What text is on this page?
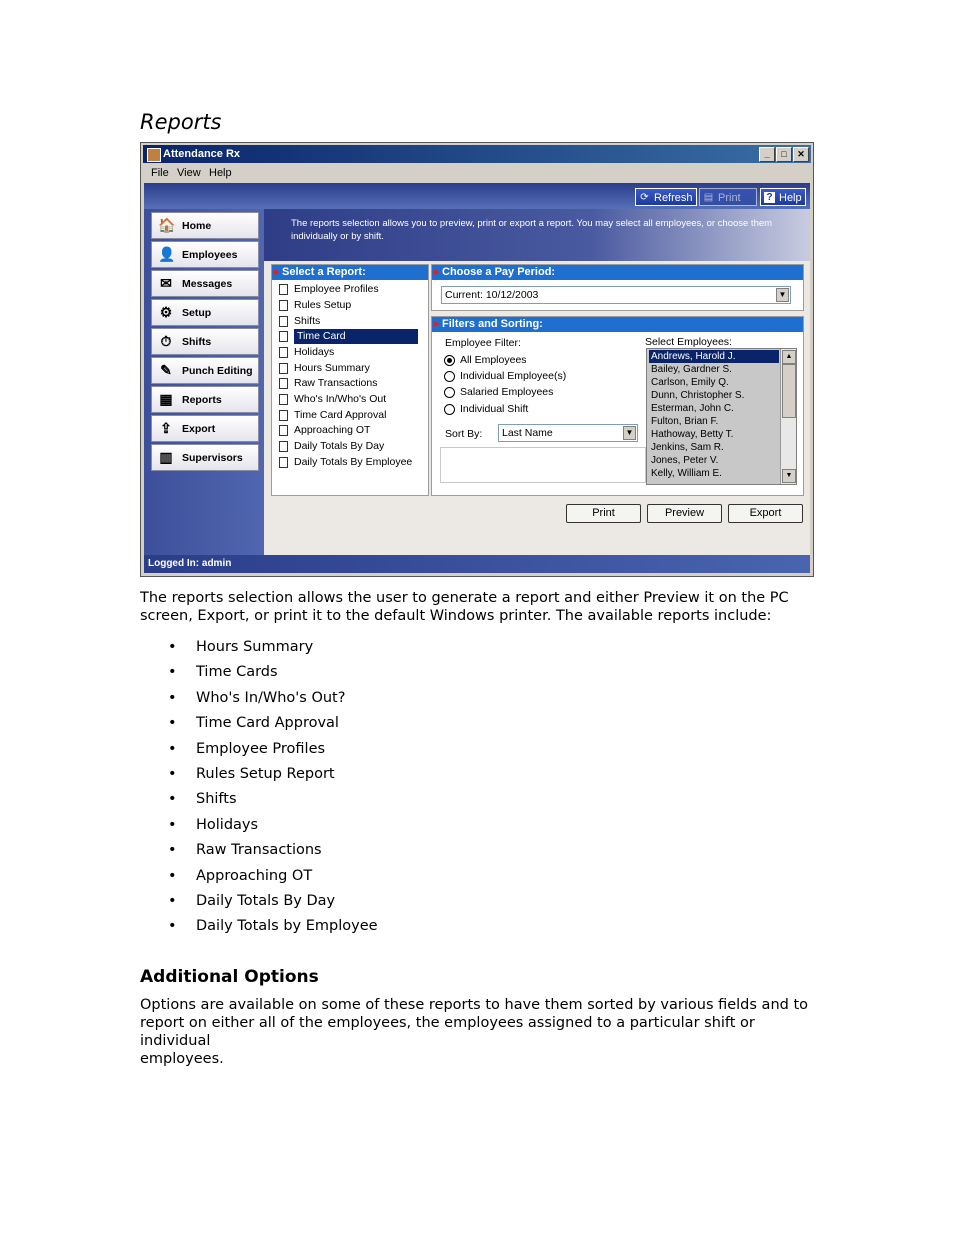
Reports
Attendance Rx	_	□	✕
File View Help
⟳ Refresh	▤ Print	? Help
🏠 Home
👤 Employees
✉ Messages
⚙ Setup
⏱ Shifts
✎ Punch Editing
▦ Reports
⇪ Export
▥ Supervisors
The reports selection allows you to preview, print or export a report. You may select all employees, or choose them individually or by shift.
▶ Select a Report:
Employee Profiles
Rules Setup
Shifts
Time Card
Holidays
Hours Summary
Raw Transactions
Who's In/Who's Out
Time Card Approval
Approaching OT
Daily Totals By Day
Daily Totals By Employee
▶ Choose a Pay Period:
Current: 10/12/2003	▼
▶ Filters and Sorting:
Employee Filter:
All Employees
Individual Employee(s)
Salaried Employees
Individual Shift
Sort By:	Last Name	▼
Select Employees:
Andrews, Harold J.
Bailey, Gardner S.
Carlson, Emily Q.
Dunn, Christopher S.
Esterman, John C.
Fulton, Brian F.
Hathoway, Betty T.
Jenkins, Sam R.
Jones, Peter V.
Kelly, William E.
▲
▼
Print	Preview	Export
Logged In: admin
The reports selection allows the user to generate a report and either Preview it on the PC
screen, Export, or print it to the default Windows printer. The available reports include:
• Hours Summary
• Time Cards
• Who's In/Who's Out?
• Time Card Approval
• Employee Profiles
• Rules Setup Report
• Shifts
• Holidays
• Raw Transactions
• Approaching OT
• Daily Totals By Day
• Daily Totals by Employee
Additional Options
Options are available on some of these reports to have them sorted by various fields and to
report on either all of the employees, the employees assigned to a particular shift or individual
employees.
